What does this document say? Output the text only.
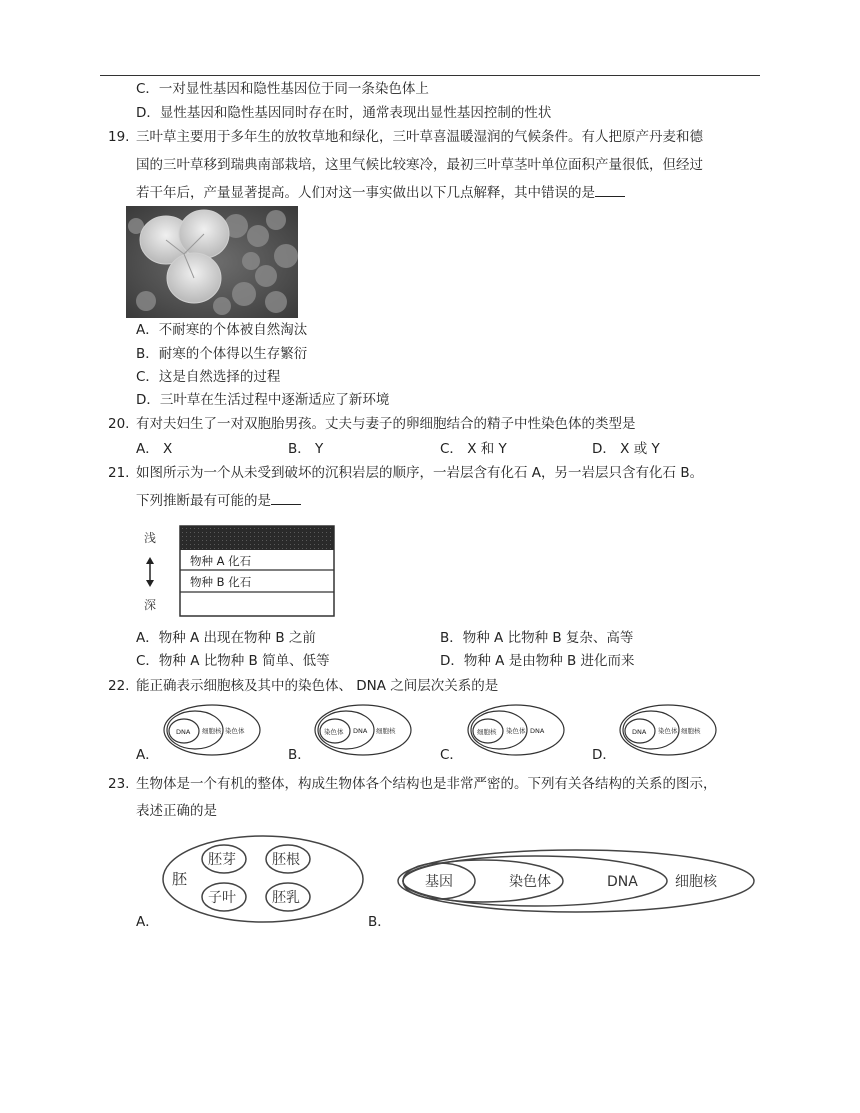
C．一对显性基因和隐性基因位于同一条染色体上
D．显性基因和隐性基因同时存在时，通常表现出显性基因控制的性状
19. 三叶草主要用于多年生的放牧草地和绿化，三叶草喜温暖湿润的气候条件。有人把原产丹麦和德
国的三叶草移到瑞典南部栽培，这里气候比较寒冷，最初三叶草茎叶单位面积产量很低，但经过
若干年后，产量显著提高。人们对这一事实做出以下几点解释，其中错误的是
A．不耐寒的个体被自然淘汰
B．耐寒的个体得以生存繁衍
C．这是自然选择的过程
D．三叶草在生活过程中逐渐适应了新环境
20. 有对夫妇生了一对双胞胎男孩。丈夫与妻子的卵细胞结合的精子中性染色体的类型是
A． X	B． Y	C． X 和 Y	D． X 或 Y
21. 如图所示为一个从未受到破坏的沉积岩层的顺序，一岩层含有化石 A，另一岩层只含有化石 B。
下列推断最有可能的是
浅
深
物种 A 化石
物种 B 化石
A．物种 A 出现在物种 B 之前	B．物种 A 比物种 B 复杂、高等
C．物种 A 比物种 B 简单、低等	D．物种 A 是由物种 B 进化而来
22. 能正确表示细胞核及其中的染色体、 DNA 之间层次关系的是
A．
DNA 细胞核 染色体
B．
染色体 DNA 细胞核
C．
细胞核 染色体 DNA
D．
DNA 染色体 细胞核
23. 生物体是一个有机的整体，构成生物体各个结构也是非常严密的。下列有关各结构的关系的图示，
表述正确的是
胚
胚芽	胚根
子叶	胚乳
A．
基因	染色体	DNA	细胞核
B．
